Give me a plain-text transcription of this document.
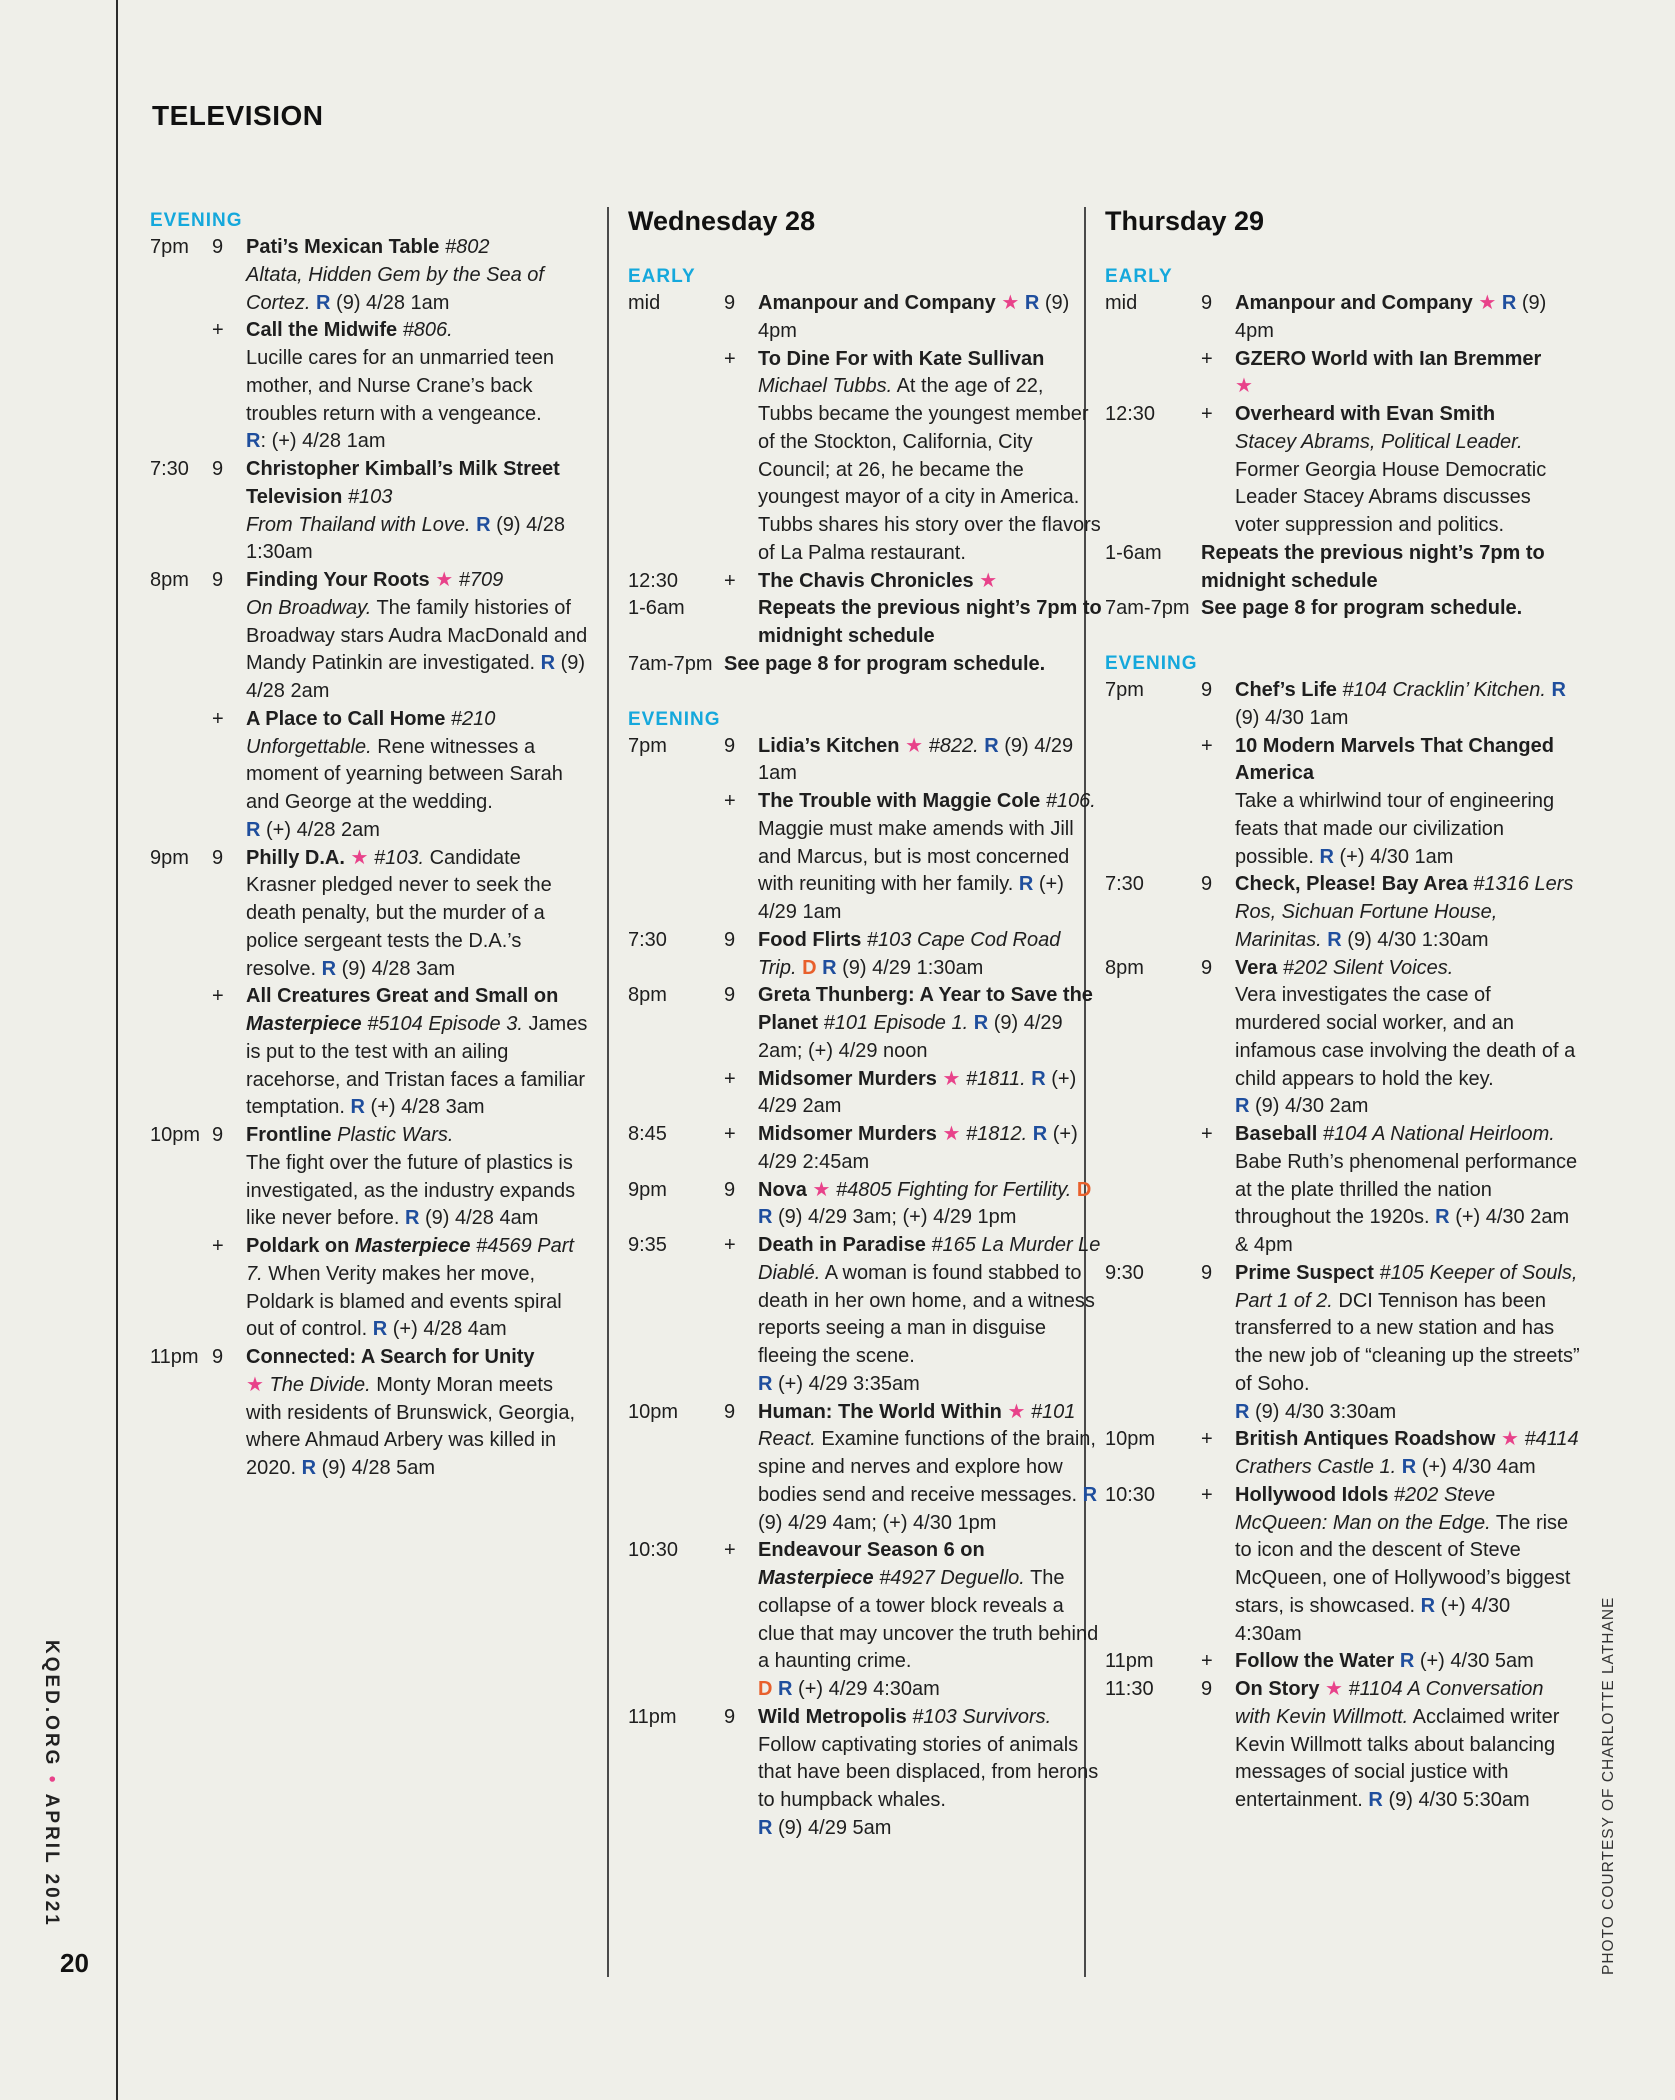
TELEVISION
KQED.ORG • APRIL 2021
20	PHOTO COURTESY OF CHARLOTTE LATHANE
EVENING
7pm	9	Pati’s Mexican Table #802
Altata, Hidden Gem by the Sea of Cortez. R (9) 4/28 1am
+	Call the Midwife #806.
Lucille cares for an unmarried teen mother, and Nurse Crane’s back troubles return with a vengeance.
R: (+) 4/28 1am
7:30	9	Christopher Kimball’s Milk Street Television #103
From Thailand with Love. R (9) 4/28 1:30am
8pm	9	Finding Your Roots ★ #709
On Broadway. The family histories of Broadway stars Audra MacDonald and Mandy Patinkin are investigated. R (9) 4/28 2am
+	A Place to Call Home #210
Unforgettable. Rene witnesses a moment of yearning between Sarah and George at the wedding.
R (+) 4/28 2am
9pm	9	Philly D.A. ★ #103. Candidate Krasner pledged never to seek the death penalty, but the murder of a police sergeant tests the D.A.’s resolve. R (9) 4/28 3am
+	All Creatures Great and Small on Masterpiece #5104 Episode 3. James is put to the test with an ailing racehorse, and Tristan faces a familiar temptation. R (+) 4/28 3am
10pm 9	Frontline Plastic Wars.
The fight over the future of plastics is investigated, as the industry expands like never before. R (9) 4/28 4am
+	Poldark on Masterpiece #4569 Part 7. When Verity makes her move, Poldark is blamed and events spiral out of control. R (+) 4/28 4am
11pm 9	Connected: A Search for Unity
★ The Divide. Monty Moran meets with residents of Brunswick, Georgia, where Ahmaud Arbery was killed in 2020. R (9) 4/28 5am
Wednesday 28
EARLY
mid	9	Amanpour and Company ★ R (9) 4pm
+	To Dine For with Kate Sullivan
Michael Tubbs. At the age of 22, Tubbs became the youngest member of the Stockton, California, City Council; at 26, he became the youngest mayor of a city in America. Tubbs shares his story over the flavors of La Palma restaurant.
12:30	+	The Chavis Chronicles ★
1-6am	Repeats the previous night’s 7pm to midnight schedule
7am-7pm See page 8 for program schedule.
EVENING
7pm	9	Lidia’s Kitchen ★ #822. R (9) 4/29 1am
+	The Trouble with Maggie Cole #106. Maggie must make amends with Jill and Marcus, but is most concerned with reuniting with her family. R (+) 4/29 1am
7:30	9	Food Flirts #103 Cape Cod Road Trip. D R (9) 4/29 1:30am
8pm	9	Greta Thunberg: A Year to Save the Planet #101 Episode 1. R (9) 4/29 2am; (+) 4/29 noon
+	Midsomer Murders ★ #1811. R (+) 4/29 2am
8:45	+	Midsomer Murders ★ #1812. R (+) 4/29 2:45am
9pm	9	Nova ★ #4805 Fighting for Fertility. D R (9) 4/29 3am; (+) 4/29 1pm
9:35	+	Death in Paradise #165 La Murder Le Diablé. A woman is found stabbed to death in her own home, and a witness reports seeing a man in disguise fleeing the scene.
R (+) 4/29 3:35am
10pm	9	Human: The World Within ★ #101 React. Examine functions of the brain, spine and nerves and explore how bodies send and receive messages. R (9) 4/29 4am; (+) 4/30 1pm
10:30	+	Endeavour Season 6 on Masterpiece #4927 Deguello. The collapse of a tower block reveals a clue that may uncover the truth behind a haunting crime.
D R (+) 4/29 4:30am
11pm	9	Wild Metropolis #103 Survivors. Follow captivating stories of animals that have been displaced, from herons to humpback whales.
R (9) 4/29 5am
Thursday 29
EARLY
mid	9	Amanpour and Company ★ R (9) 4pm
+	GZERO World with Ian Bremmer
★
12:30	+	Overheard with Evan Smith
Stacey Abrams, Political Leader. Former Georgia House Democratic Leader Stacey Abrams discusses voter suppression and politics.
1-6am	Repeats the previous night’s 7pm to midnight schedule
7am-7pm See page 8 for program schedule.
EVENING
7pm	9	Chef’s Life #104 Cracklin’ Kitchen. R (9) 4/30 1am
+	10 Modern Marvels That Changed America
Take a whirlwind tour of engineering feats that made our civilization possible. R (+) 4/30 1am
7:30	9	Check, Please! Bay Area #1316 Lers Ros, Sichuan Fortune House, Marinitas. R (9) 4/30 1:30am
8pm	9	Vera #202 Silent Voices.
Vera investigates the case of murdered social worker, and an infamous case involving the death of a child appears to hold the key.
R (9) 4/30 2am
+	Baseball #104 A National Heirloom. Babe Ruth’s phenomenal performance at the plate thrilled the nation throughout the 1920s. R (+) 4/30 2am & 4pm
9:30	9	Prime Suspect #105 Keeper of Souls, Part 1 of 2. DCI Tennison has been transferred to a new station and has the new job of “cleaning up the streets” of Soho.
R (9) 4/30 3:30am
10pm	+	British Antiques Roadshow ★ #4114 Crathers Castle 1. R (+) 4/30 4am
10:30	+	Hollywood Idols #202 Steve McQueen: Man on the Edge. The rise to icon and the descent of Steve McQueen, one of Hollywood’s biggest stars, is showcased. R (+) 4/30 4:30am
11pm	+	Follow the Water R (+) 4/30 5am
11:30	9	On Story ★ #1104 A Conversation with Kevin Willmott. Acclaimed writer Kevin Willmott talks about balancing messages of social justice with entertainment. R (9) 4/30 5:30am
